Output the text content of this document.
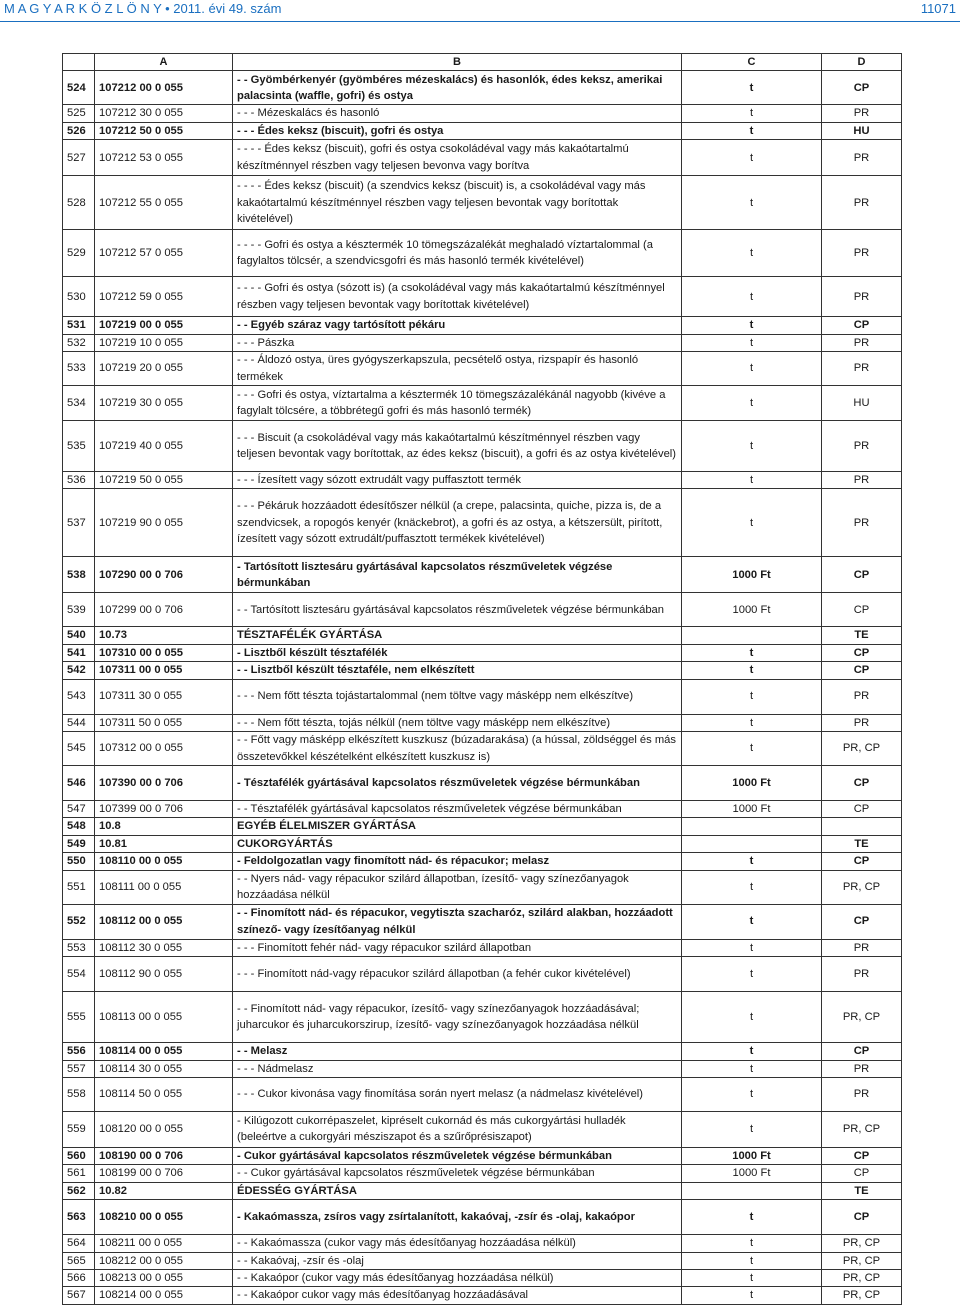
M A G Y A R K Ö Z L Ö N Y • 2011. évi 49. szám	11071
	A	B	C	D
524	107212 00 0 055	- - Gyömbérkenyér (gyömbéres mézeskalács) és hasonlók, édes keksz, amerikai palacsinta (waffle, gofri) és ostya	t	CP
525	107212 30 0 055	- - - Mézeskalács és hasonló	t	PR
526	107212 50 0 055	- - - Édes keksz (biscuit), gofri és ostya	t	HU
527	107212 53 0 055	- - - - Édes keksz (biscuit), gofri és ostya csokoládéval vagy más kakaótartalmú készítménnyel részben vagy teljesen bevonva vagy borítva	t	PR
528	107212 55 0 055	- - - - Édes keksz (biscuit) (a szendvics keksz (biscuit) is, a csokoládéval vagy más kakaótartalmú készítménnyel részben vagy teljesen bevontak vagy borítottak kivételével)	t	PR
529	107212 57 0 055	- - - - Gofri és ostya a késztermék 10 tömegszázalékát meghaladó víztartalommal (a fagylaltos tölcsér, a szendvicsgofri és más hasonló termék kivételével)	t	PR
530	107212 59 0 055	- - - - Gofri és ostya (sózott is) (a csokoládéval vagy más kakaótartalmú készítménnyel részben vagy teljesen bevontak vagy borítottak kivételével)	t	PR
531	107219 00 0 055	- - Egyéb száraz vagy tartósított pékáru	t	CP
532	107219 10 0 055	- - - Pászka	t	PR
533	107219 20 0 055	- - - Áldozó ostya, üres gyógyszerkapszula, pecsételő ostya, rizspapír és hasonló termékek	t	PR
534	107219 30 0 055	- - - Gofri és ostya, víztartalma a késztermék 10 tömegszázalékánál nagyobb (kivéve a fagylalt tölcsére, a többrétegű gofri és más hasonló termék)	t	HU
535	107219 40 0 055	- - - Biscuit (a csokoládéval vagy más kakaótartalmú készítménnyel részben vagy teljesen bevontak vagy borítottak, az édes keksz (biscuit), a gofri és az ostya kivételével)	t	PR
536	107219 50 0 055	- - - Ízesített vagy sózott extrudált vagy puffasztott termék	t	PR
537	107219 90 0 055	- - - Pékáruk hozzáadott édesítőszer nélkül (a crepe, palacsinta, quiche, pizza is, de a szendvicsek, a ropogós kenyér (knäckebrot), a gofri és az ostya, a kétszersült, pirított, ízesített vagy sózott extrudált/puffasztott termékek kivételével)	t	PR
538	107290 00 0 706	- Tartósított lisztesáru gyártásával kapcsolatos részműveletek végzése bérmunkában	1000 Ft	CP
539	107299 00 0 706	- - Tartósított lisztesáru gyártásával kapcsolatos részműveletek végzése bérmunkában	1000 Ft	CP
540	10.73	TÉSZTAFÉLÉK GYÁRTÁSA		TE
541	107310 00 0 055	- Lisztből készült tésztafélék	t	CP
542	107311 00 0 055	- - Lisztből készült tésztaféle, nem elkészített	t	CP
543	107311 30 0 055	- - - Nem főtt tészta tojástartalommal (nem töltve vagy másképp nem elkészítve)	t	PR
544	107311 50 0 055	- - - Nem főtt tészta, tojás nélkül (nem töltve vagy másképp nem elkészítve)	t	PR
545	107312 00 0 055	- - Főtt vagy másképp elkészített kuszkusz (búzadarakása) (a hússal, zöldséggel és más összetevőkkel készételként elkészített kuszkusz is)	t	PR, CP
546	107390 00 0 706	- Tésztafélék gyártásával kapcsolatos részműveletek végzése bérmunkában	1000 Ft	CP
547	107399 00 0 706	- - Tésztafélék gyártásával kapcsolatos részműveletek végzése bérmunkában	1000 Ft	CP
548	10.8	EGYÉB ÉLELMISZER GYÁRTÁSA		
549	10.81	CUKORGYÁRTÁS		TE
550	108110 00 0 055	- Feldolgozatlan vagy finomított nád- és répacukor; melasz	t	CP
551	108111 00 0 055	- - Nyers nád- vagy répacukor szilárd állapotban, ízesítő- vagy színezőanyagok hozzáadása nélkül	t	PR, CP
552	108112 00 0 055	- - Finomított nád- és répacukor, vegytiszta szacharóz, szilárd alakban, hozzáadott színező- vagy ízesítőanyag nélkül	t	CP
553	108112 30 0 055	- - - Finomított fehér nád- vagy répacukor szilárd állapotban	t	PR
554	108112 90 0 055	- - - Finomított nád-vagy répacukor szilárd állapotban (a fehér cukor kivételével)	t	PR
555	108113 00 0 055	- - Finomított nád- vagy répacukor, ízesítő- vagy színezőanyagok hozzáadásával; juharcukor és juharcukorszirup, ízesítő- vagy színezőanyagok hozzáadása nélkül	t	PR, CP
556	108114 00 0 055	- - Melasz	t	CP
557	108114 30 0 055	- - - Nádmelasz	t	PR
558	108114 50 0 055	- - - Cukor kivonása vagy finomítása során nyert melasz (a nádmelasz kivételével)	t	PR
559	108120 00 0 055	- Kilúgozott cukorrépaszelet, kipréselt cukornád és más cukorgyártási hulladék (beleértve a cukorgyári mésziszapot és a szűrőprésiszapot)	t	PR, CP
560	108190 00 0 706	- Cukor gyártásával kapcsolatos részműveletek végzése bérmunkában	1000 Ft	CP
561	108199 00 0 706	- - Cukor gyártásával kapcsolatos részműveletek végzése bérmunkában	1000 Ft	CP
562	10.82	ÉDESSÉG GYÁRTÁSA		TE
563	108210 00 0 055	- Kakaómassza, zsíros vagy zsírtalanított, kakaóvaj, -zsír és -olaj, kakaópor	t	CP
564	108211 00 0 055	- - Kakaómassza (cukor vagy más édesítőanyag hozzáadása nélkül)	t	PR, CP
565	108212 00 0 055	- - Kakaóvaj, -zsír és -olaj	t	PR, CP
566	108213 00 0 055	- - Kakaópor (cukor vagy más édesítőanyag hozzáadása nélkül)	t	PR, CP
567	108214 00 0 055	- - Kakaópor cukor vagy más édesítőanyag hozzáadásával	t	PR, CP
